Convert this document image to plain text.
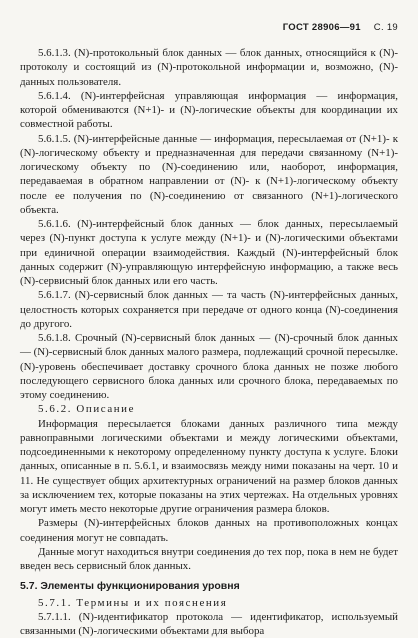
ГОСТ 28906—91 С. 19

5.6.1.3. (N)-протокольный блок данных — блок данных, относящийся к (N)-протоколу и состоящий из (N)-протокольной информации и, возможно, (N)-данных пользователя.

5.6.1.4. (N)-интерфейсная управляющая информация — информация, которой обмениваются (N+1)- и (N)-логические объекты для координации их совместной работы.

5.6.1.5. (N)-интерфейсные данные — информация, пересылаемая от (N+1)- к (N)-логическому объекту и предназначенная для передачи связанному (N+1)-логическому объекту по (N)-соединению или, наоборот, информация, передаваемая в обратном направлении от (N)- к (N+1)-логическому объекту после ее получения по (N)-соединению от связанного (N+1)-логического объекта.

5.6.1.6. (N)-интерфейсный блок данных — блок данных, пересылаемый через (N)-пункт доступа к услуге между (N+1)- и (N)-логическими объектами при единичной операции взаимодействия. Каждый (N)-интерфейсный блок данных содержит (N)-управляющую интерфейсную информацию, а также весь (N)-сервисный блок данных или его часть.

5.6.1.7. (N)-сервисный блок данных — та часть (N)-интерфейсных данных, целостность которых сохраняется при передаче от одного конца (N)-соединения до другого.

5.6.1.8. Срочный (N)-сервисный блок данных — (N)-срочный блок данных — (N)-сервисный блок данных малого размера, подлежащий срочной пересылке. (N)-уровень обеспечивает доставку срочного блока данных не позже любого последующего сервисного блока данных или срочного блока, передаваемых по этому соединению.

5.6.2. Описание

Информация пересылается блоками данных различного типа между равноправными логическими объектами и между логическими объектами, подсоединенными к некоторому определенному пункту доступа к услуге. Блоки данных, описанные в п. 5.6.1, и взаимосвязь между ними показаны на черт. 10 и 11. Не существует общих архитектурных ограничений на размер блоков данных за исключением тех, которые показаны на этих чертежах. На отдельных уровнях могут иметь место некоторые другие ограничения размера блоков.

Размеры (N)-интерфейсных блоков данных на противоположных концах соединения могут не совпадать.

Данные могут находиться внутри соединения до тех пор, пока в нем не будет введен весь сервисный блок данных.

5.7. Элементы функционирования уровня

5.7.1. Термины и их пояснения

5.7.1.1. (N)-идентификатор протокола — идентификатор, используемый связанными (N)-логическими объектами для выбора
